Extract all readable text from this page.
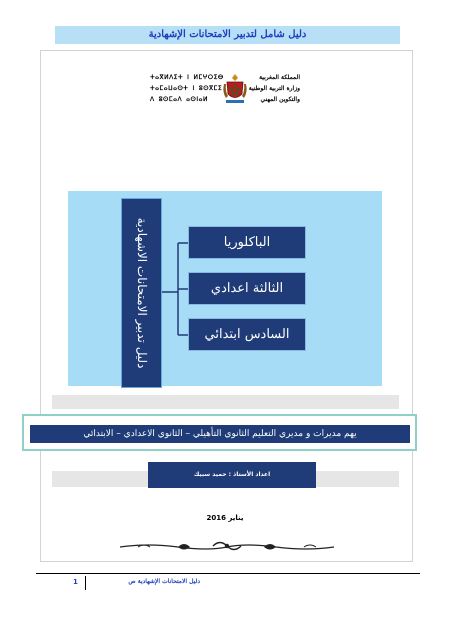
دليل شامل لتدبير الامتحانات الإشهادية
ⵜⴰⴳⵍⴷⵉⵜ ⵏ ⵍⵎⵖⵔⵉⴱ
ⵜⴰⵎⴰⵡⴰⵙⵜ ⵏ ⵓⵙⴳⵎⵉ
ⴷ ⵓⵙⵎⴰⴷ ⴰⵙⵏⴰⵍ
المملكة المغربية
وزارة التربية الوطنية
والتكوين المهني
دليل تدبير الامتحانات الاشهادية	الباكلوريا
الثالثة اعدادي
السادس ابتدائي
يهم مديرات و مديري التعليم الثانوي التأهيلي – الثانوي الاعدادي – الابتدائي
اعداد الأستاذ : حميد سبيك
يناير 2016
دليل الامتحانات الإشهادية ص
1
